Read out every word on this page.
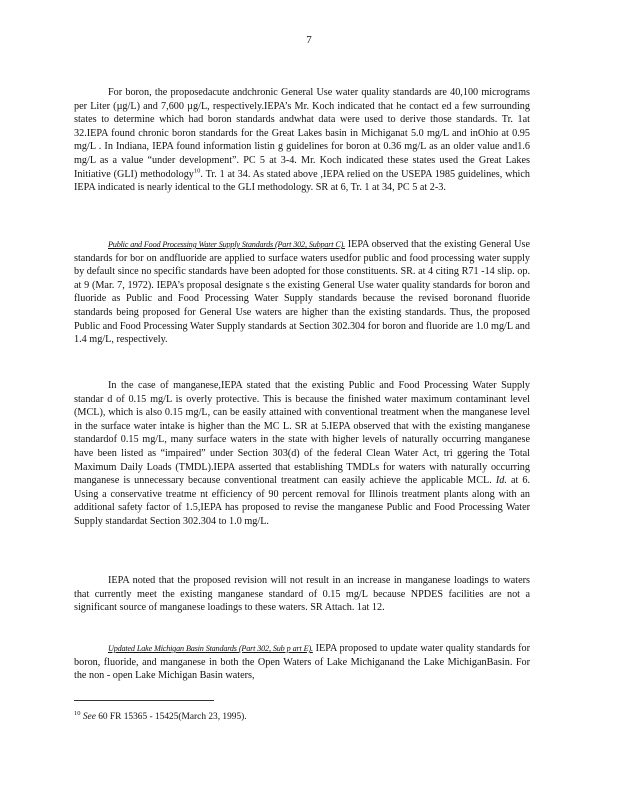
7

For boron, the proposedacute andchronic General Use water quality standards are 40,100 micrograms per Liter (µg/L) and 7,600 µg/L, respectively.IEPA’s Mr. Koch indicated that he contact ed a few surrounding states to determine which had boron standards andwhat data were used to derive those standards. Tr. 1at 32.IEPA found chronic boron standards for the Great Lakes basin in Michiganat 5.0 mg/L and inOhio at 0.95 mg/L . In Indiana, IEPA found information listin g guidelines for boron at 0.36 mg/L as an older value and1.6 mg/L as a value “under development”. PC 5 at 3-4. Mr. Koch indicated these states used the Great Lakes Initiative (GLI) methodology$^{10}$. Tr. 1 at 34. As stated above ,IEPA relied on the USEPA 1985 guidelines, which IEPA indicated is nearly identical to the GLI methodology. SR at 6, Tr. 1 at 34, PC 5 at 2-3.

Public and Food Processing Water Supply Standards (Part 302, Subpart C). IEPA observed that the existing General Use standards for bor on andfluoride are applied to surface waters usedfor public and food processing water supply by default since no specific standards have been adopted for those constituents. SR. at 4 citing R71 -14 slip. op. at 9 (Mar. 7, 1972). IEPA’s proposal designate s the existing General Use water quality standards for boron and fluoride as Public and Food Processing Water Supply standards because the revised boronand fluoride standards being proposed for General Use waters are higher than the existing standards. Thus, the proposed Public and Food Processing Water Supply standards at Section 302.304 for boron and fluoride are 1.0 mg/L and 1.4 mg/L, respectively.

In the case of manganese,IEPA stated that the existing Public and Food Processing Water Supply standar d of 0.15 mg/L is overly protective. This is because the finished water maximum contaminant level (MCL), which is also 0.15 mg/L, can be easily attained with conventional treatment when the manganese level in the surface water intake is higher than the MC L. SR at 5.IEPA observed that with the existing manganese standardof 0.15 mg/L, many surface waters in the state with higher levels of naturally occurring manganese have been listed as “impaired” under Section 303(d) of the federal Clean Water Act, tri ggering the Total Maximum Daily Loads (TMDL).IEPA asserted that establishing TMDLs for waters with naturally occurring manganese is unnecessary because conventional treatment can easily achieve the applicable MCL. Id. at 6. Using a conservative treatme nt efficiency of 90 percent removal for Illinois treatment plants along with an additional safety factor of 1.5,IEPA has proposed to revise the manganese Public and Food Processing Water Supply standardat Section 302.304 to 1.0 mg/L.

IEPA noted that the proposed revision will not result in an increase in manganese loadings to waters that currently meet the existing manganese standard of 0.15 mg/L because NPDES facilities are not a significant source of manganese loadings to these waters. SR Attach. 1at 12.

Updated Lake Michigan Basin Standards (Part 302, Sub p art E). IEPA proposed to update water quality standards for boron, fluoride, and manganese in both the Open Waters of Lake Michiganand the Lake MichiganBasin. For the non - open Lake Michigan Basin waters,

$^{10}$ See 60 FR 15365 - 15425(March 23, 1995).
